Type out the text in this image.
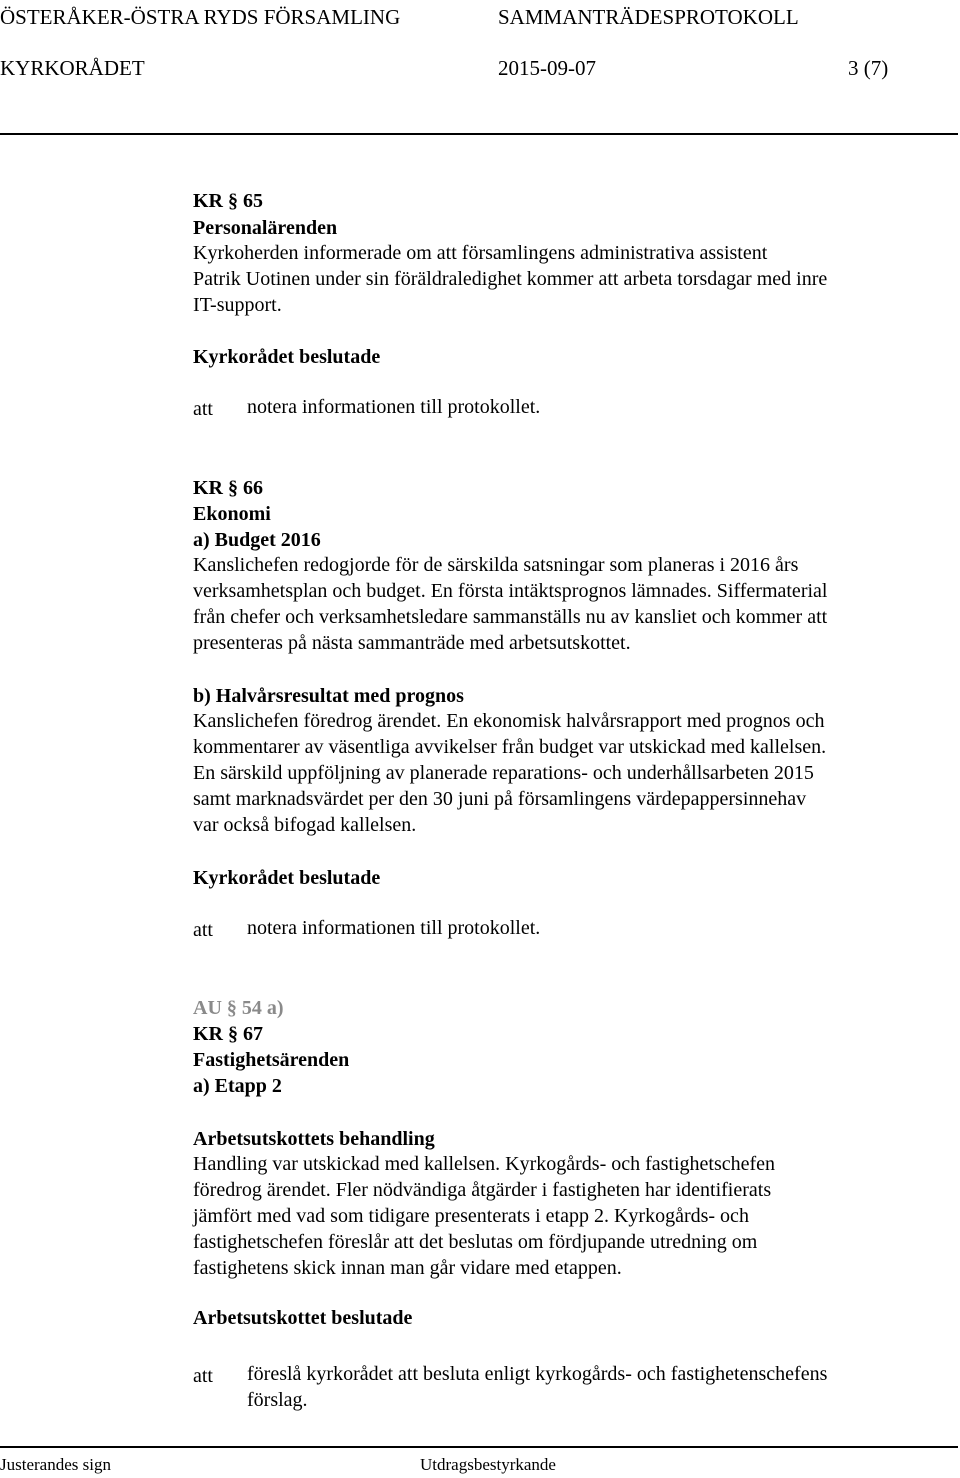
ÖSTERÅKER-ÖSTRA RYDS FÖRSAMLING	SAMMANTRÄDESPROTOKOLL
KYRKORÅDET	2015-09-07	3 (7)
KR § 65
Personalärenden
Kyrkoherden informerade om att församlingens administrativa assistent
Patrik Uotinen under sin föräldraledighet kommer att arbeta torsdagar med inre
IT-support.
Kyrkorådet beslutade
att notera informationen till protokollet.
KR § 66
Ekonomi
a) Budget 2016
Kanslichefen redogjorde för de särskilda satsningar som planeras i 2016 års
verksamhetsplan och budget. En första intäktsprognos lämnades. Siffermaterial
från chefer och verksamhetsledare sammanställs nu av kansliet och kommer att
presenteras på nästa sammanträde med arbetsutskottet.
b) Halvårsresultat med prognos
Kanslichefen föredrog ärendet. En ekonomisk halvårsrapport med prognos och
kommentarer av väsentliga avvikelser från budget var utskickad med kallelsen.
En särskild uppföljning av planerade reparations- och underhållsarbeten 2015
samt marknadsvärdet per den 30 juni på församlingens värdepappersinnehav
var också bifogad kallelsen.
Kyrkorådet beslutade
att notera informationen till protokollet.
AU § 54 a)
KR § 67
Fastighetsärenden
a) Etapp 2
Arbetsutskottets behandling
Handling var utskickad med kallelsen. Kyrkogårds- och fastighetschefen
föredrog ärendet. Fler nödvändiga åtgärder i fastigheten har identifierats
jämfört med vad som tidigare presenterats i etapp 2. Kyrkogårds- och
fastighetschefen föreslår att det beslutas om fördjupande utredning om
fastighetens skick innan man går vidare med etappen.
Arbetsutskottet beslutade
att föreslå kyrkorådet att besluta enligt kyrkogårds- och fastighetenschefens
förslag.
Justerandes sign	Utdragsbestyrkande
